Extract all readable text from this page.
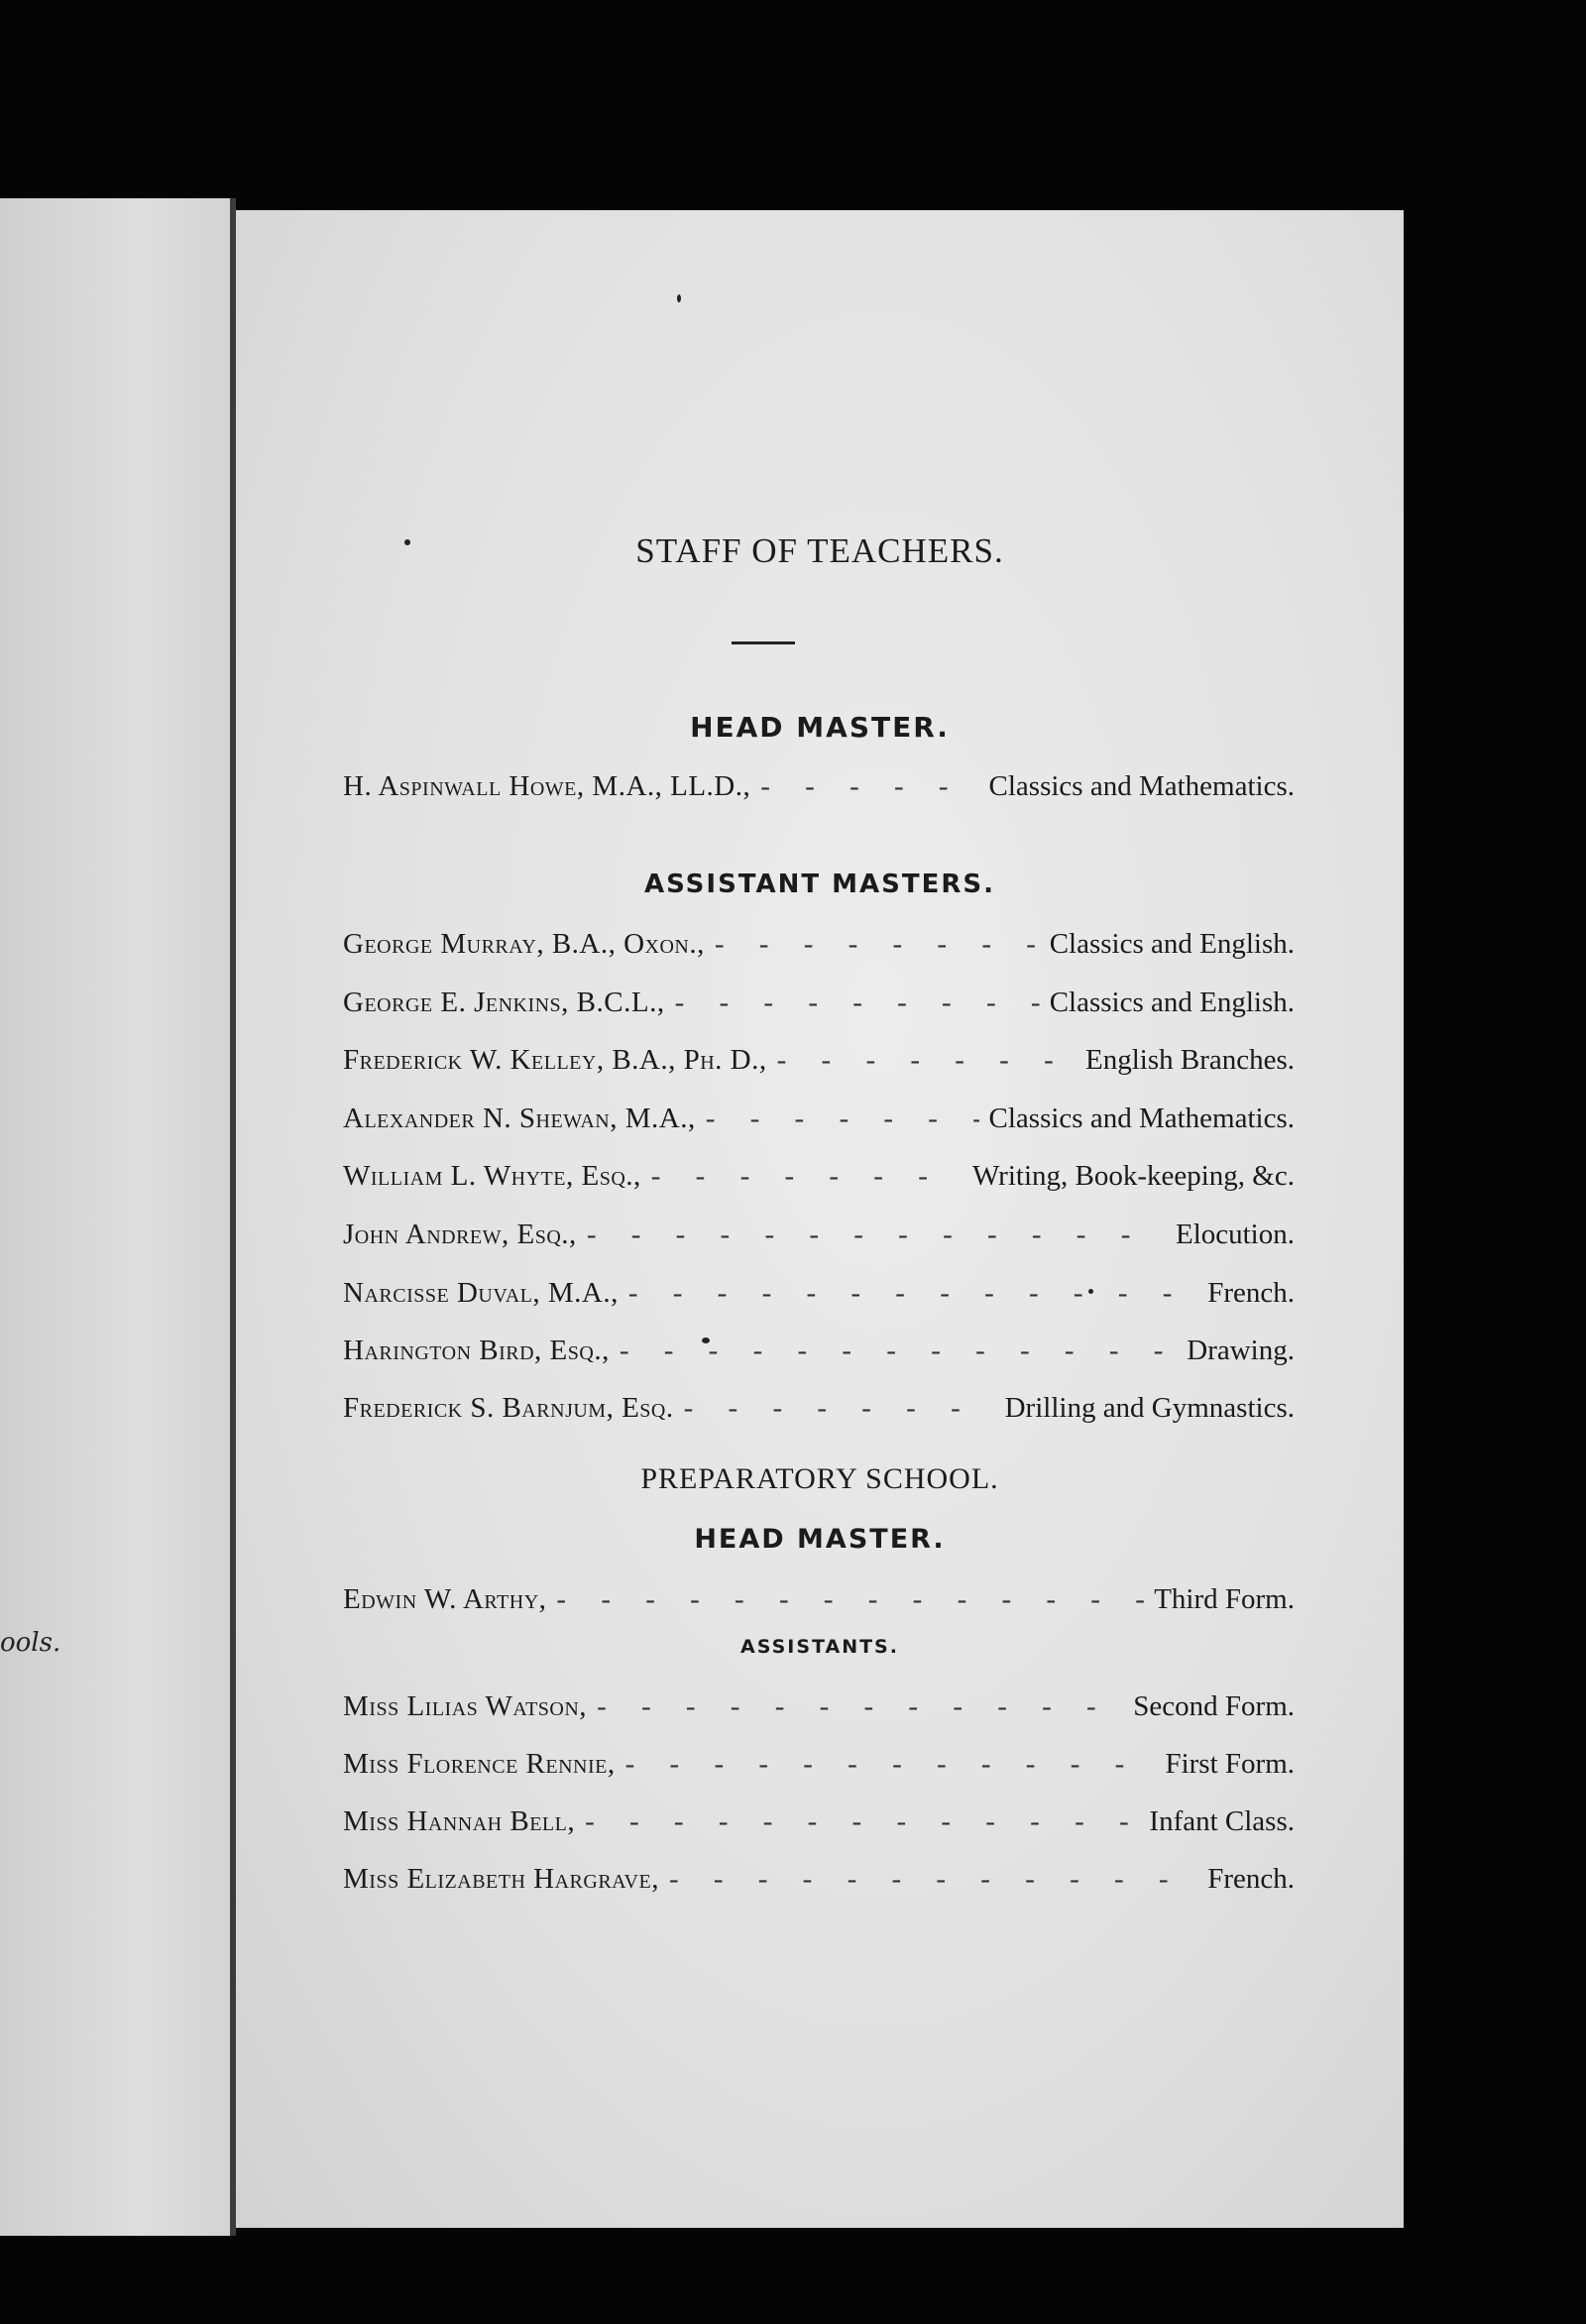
ools.
STAFF OF TEACHERS.
HEAD MASTER.
H. Aspinwall Howe, M.A., LL.D., - - -	Classics and Mathematics.
ASSISTANT MASTERS.
George Murray, B.A., Oxon., - - -	Classics and English.
George E. Jenkins, B.C.L., - - -	Classics and English.
Frederick W. Kelley, B.A., Ph. D., - - -	English Branches.
Alexander N. Shewan, M.A., - - -	Classics and Mathematics.
William L. Whyte, Esq., - - -	Writing, Book-keeping, &c.
John Andrew, Esq., - - -	Elocution.
Narcisse Duval, M.A., - - -	French.
Harington Bird, Esq., - - -	Drawing.
Frederick S. Barnjum, Esq. - - -	Drilling and Gymnastics.
PREPARATORY SCHOOL.
HEAD MASTER.
Edwin W. Arthy, - - -	Third Form.
ASSISTANTS.
Miss Lilias Watson, - - -	Second Form.
Miss Florence Rennie, - - -	First Form.
Miss Hannah Bell, - - -	Infant Class.
Miss Elizabeth Hargrave, - - -	French.
